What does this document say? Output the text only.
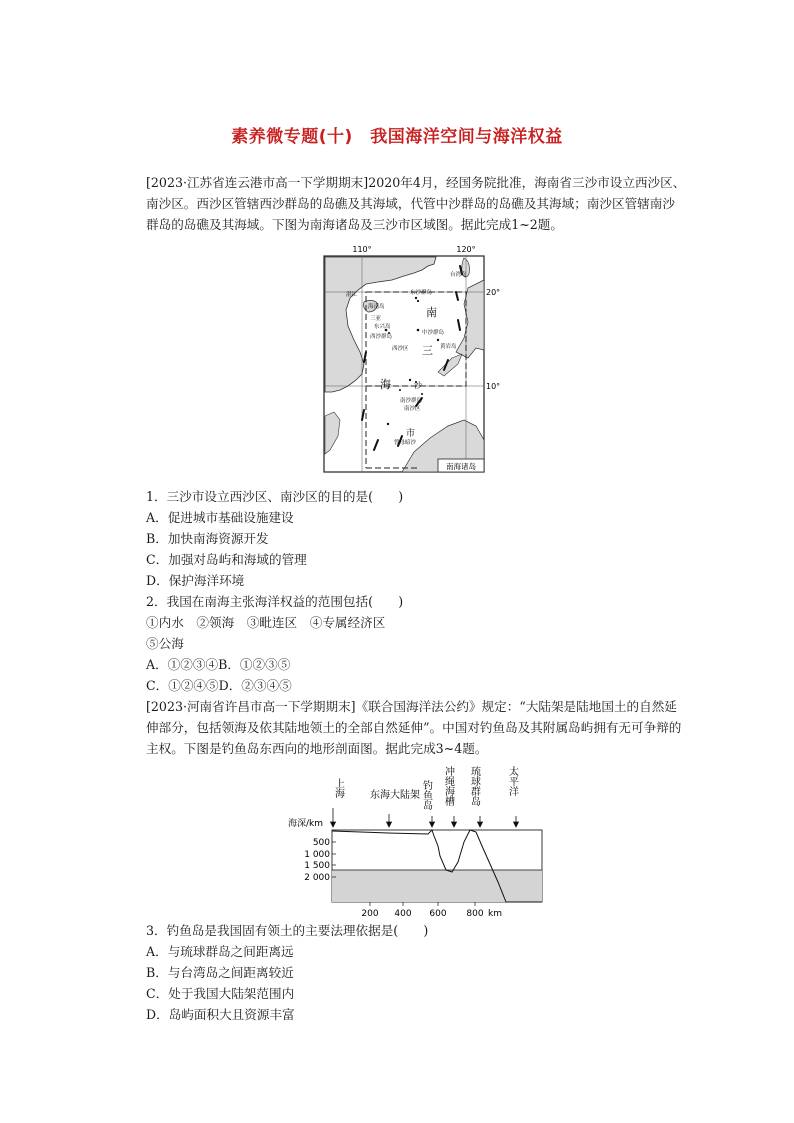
素养微专题(十)　我国海洋空间与海洋权益
[2023·江苏省连云港市高一下学期期末]2020年4月，经国务院批准，海南省三沙市设立西沙区、南沙区。西沙区管辖西沙群岛的岛礁及其海域，代管中沙群岛的岛礁及其海域；南沙区管辖南沙群岛的岛礁及其海域。下图为南海诸岛及三沙市区域图。据此完成1~2题。
110°	120°
20°
10°
台湾岛
东沙群岛
湛江
海南岛
三亚
东兴岛
西沙群岛
西沙区
中沙群岛
黄岩岛
南沙群岛
南沙区
曾母暗沙
南
三
海	沙
市
南海诸岛
1．三沙市设立西沙区、南沙区的目的是(　　)
A．促进城市基础设施建设
B．加快南海资源开发
C．加强对岛屿和海域的管理
D．保护海洋环境
2．我国在南海主张海洋权益的范围包括(　　)
①内水　②领海　③毗连区　④专属经济区
⑤公海
A．①②③④B．①②③⑤
C．①②④⑤D．②③④⑤
[2023·河南省许昌市高一下学期期末]《联合国海洋法公约》规定：“大陆架是陆地国土的自然延伸部分，包括领海及依其陆地领土的全部自然延伸”。中国对钓鱼岛及其附属岛屿拥有无可争辩的主权。下图是钓鱼岛东西向的地形剖面图。据此完成3~4题。
上海	东海大陆架 钓鱼岛 冲绳海槽 琉球群岛	太平洋
海深/km
500
1 000
1 500
2 000
200 400 600 800 km
3．钓鱼岛是我国固有领土的主要法理依据是(　　)
A．与琉球群岛之间距离远
B．与台湾岛之间距离较近
C．处于我国大陆架范围内
D．岛屿面积大且资源丰富
